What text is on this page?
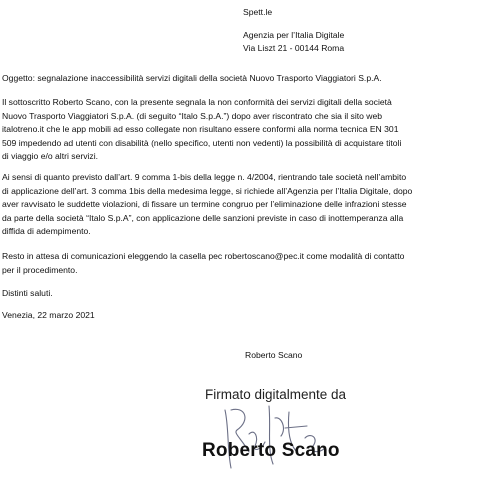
Spett.le
Agenzia per l’Italia Digitale
Via Liszt 21 - 00144 Roma
Oggetto: segnalazione inaccessibilità servizi digitali della società Nuovo Trasporto Viaggiatori S.p.A.
Il sottoscritto Roberto Scano, con la presente segnala la non conformità dei servizi digitali della società
Nuovo Trasporto Viaggiatori S.p.A. (di seguito “Italo S.p.A.”) dopo aver riscontrato che sia il sito web
italotreno.it che le app mobili ad esso collegate non risultano essere conformi alla norma tecnica EN 301
509 impedendo ad utenti con disabilità (nello specifico, utenti non vedenti) la possibilità di acquistare titoli
di viaggio e/o altri servizi.
Ai sensi di quanto previsto dall’art. 9 comma 1-bis della legge n. 4/2004, rientrando tale società nell’ambito
di applicazione dell’art. 3 comma 1bis della medesima legge, si richiede all’Agenzia per l’Italia Digitale, dopo
aver ravvisato le suddette violazioni, di fissare un termine congruo per l’eliminazione delle infrazioni stesse
da parte della società “Italo S.p.A”, con applicazione delle sanzioni previste in caso di inottemperanza alla
diffida di adempimento.
Resto in attesa di comunicazioni eleggendo la casella pec robertoscano@pec.it come modalità di contatto
per il procedimento.
Distinti saluti.
Venezia, 22 marzo 2021
Roberto Scano
Firmato digitalmente da
Roberto Scano
